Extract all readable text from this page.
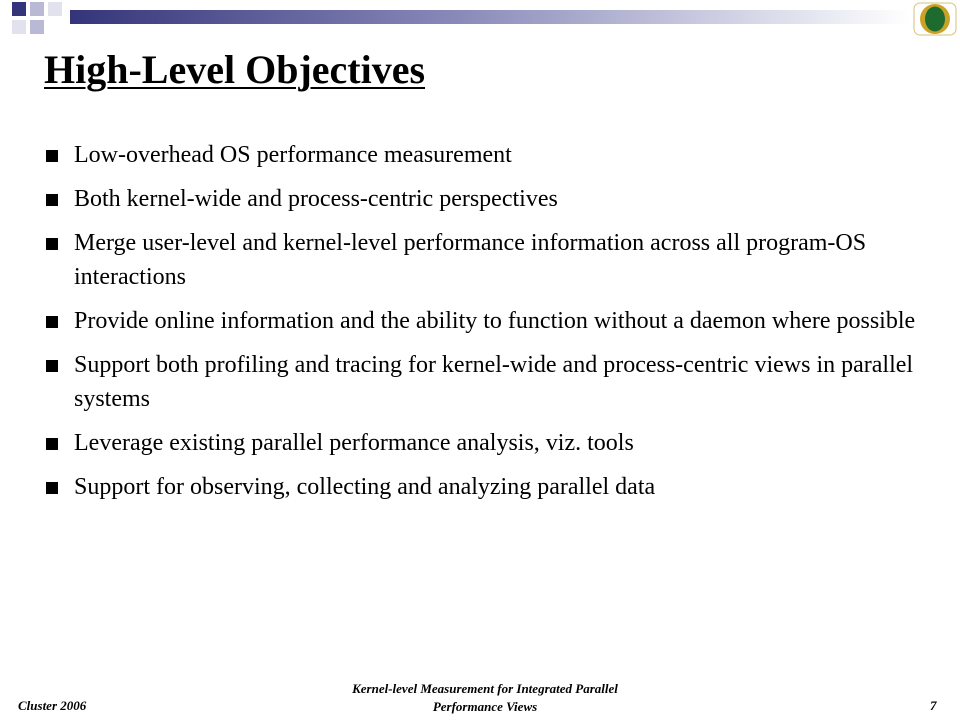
High-Level Objectives
Low-overhead OS performance measurement
Both kernel-wide and process-centric perspectives
Merge user-level and kernel-level performance information across all program-OS interactions
Provide online information and the ability to function without a daemon where possible
Support both profiling and tracing for kernel-wide and process-centric views in parallel systems
Leverage existing parallel performance analysis, viz. tools
Support for observing, collecting and analyzing parallel data
Cluster 2006
Kernel-level Measurement for Integrated Parallel
Performance Views	7
